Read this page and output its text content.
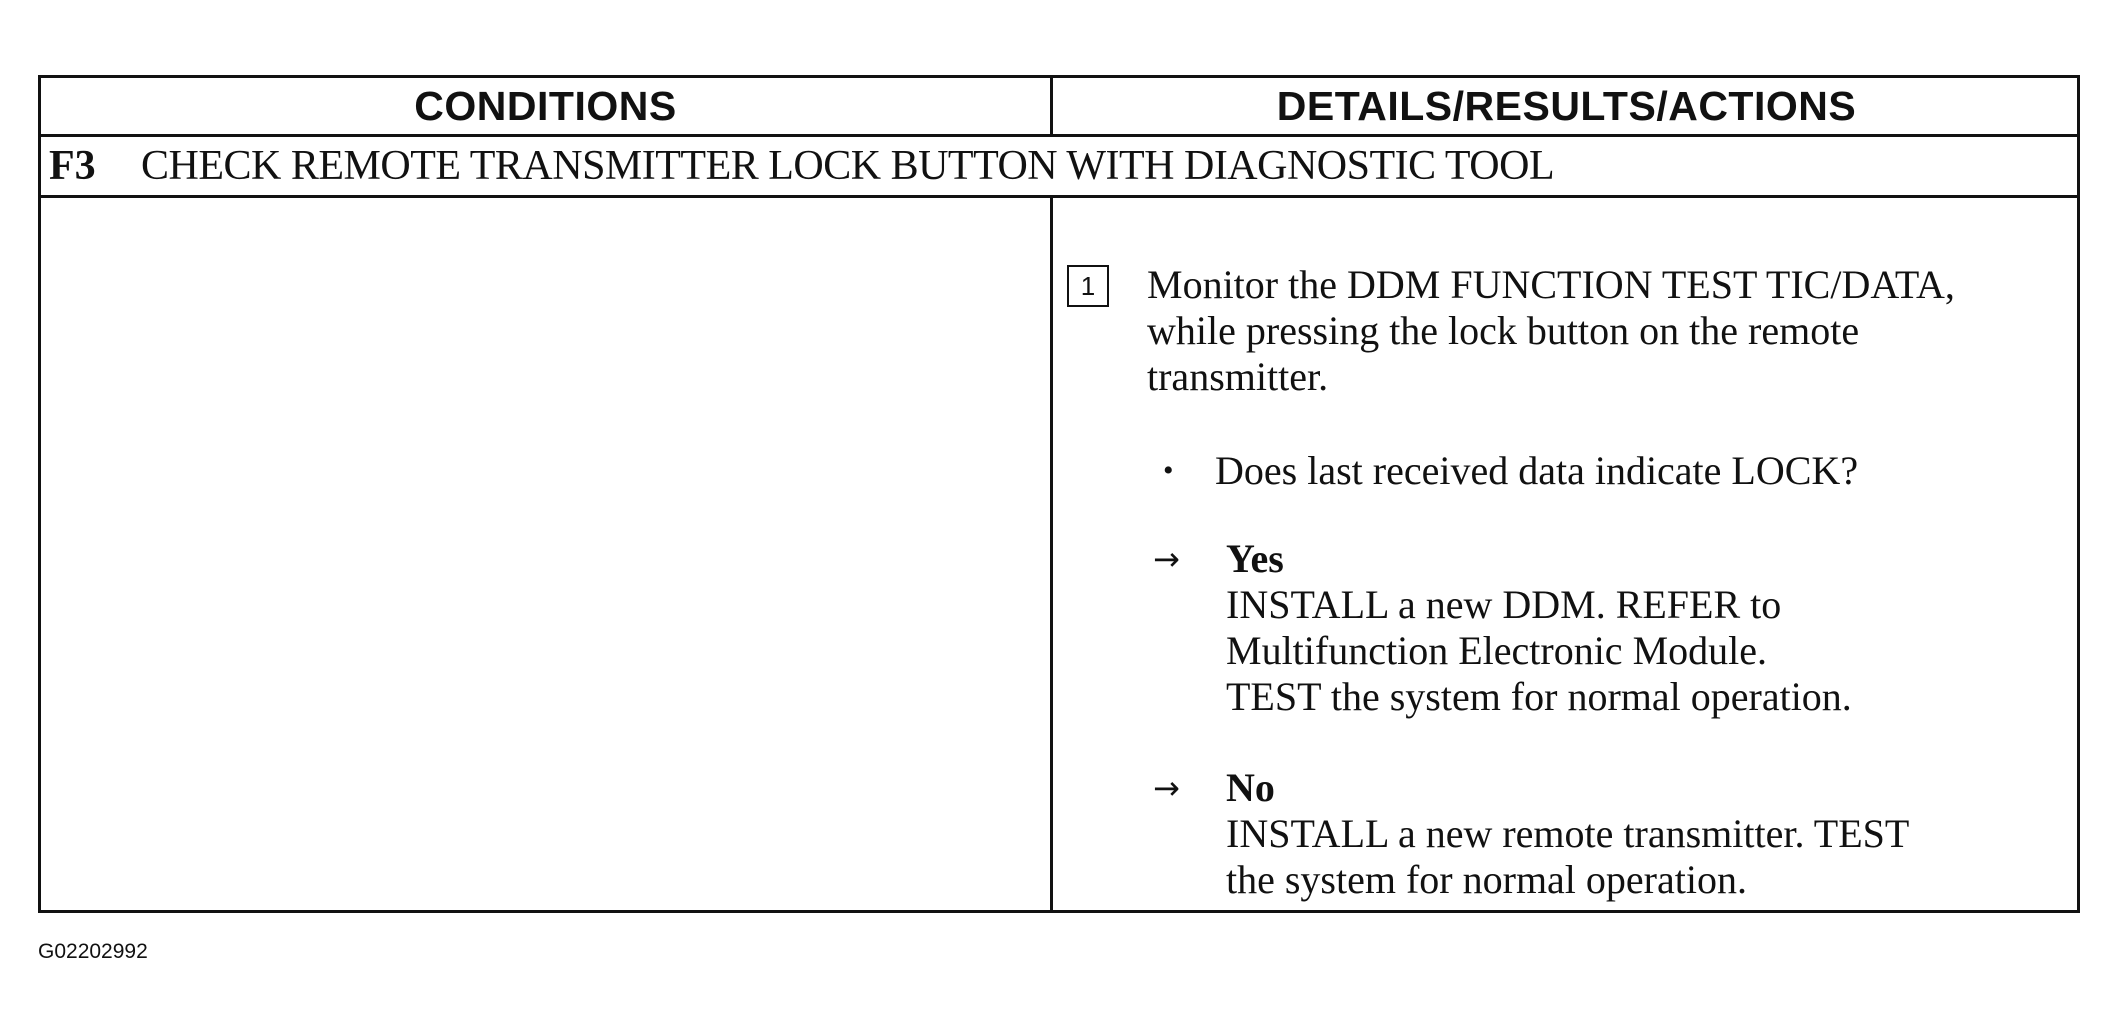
CONDITIONS	DETAILS/RESULTS/ACTIONS
F3	CHECK REMOTE TRANSMITTER LOCK BUTTON WITH DIAGNOSTIC TOOL
1	Monitor the DDM FUNCTION TEST TIC/DATA,
while pressing the lock button on the remote
transmitter.
•	Does last received data indicate LOCK?
→	Yes
INSTALL a new DDM. REFER to
Multifunction Electronic Module.
TEST the system for normal operation.
→	No
INSTALL a new remote transmitter. TEST
the system for normal operation.
G02202992
